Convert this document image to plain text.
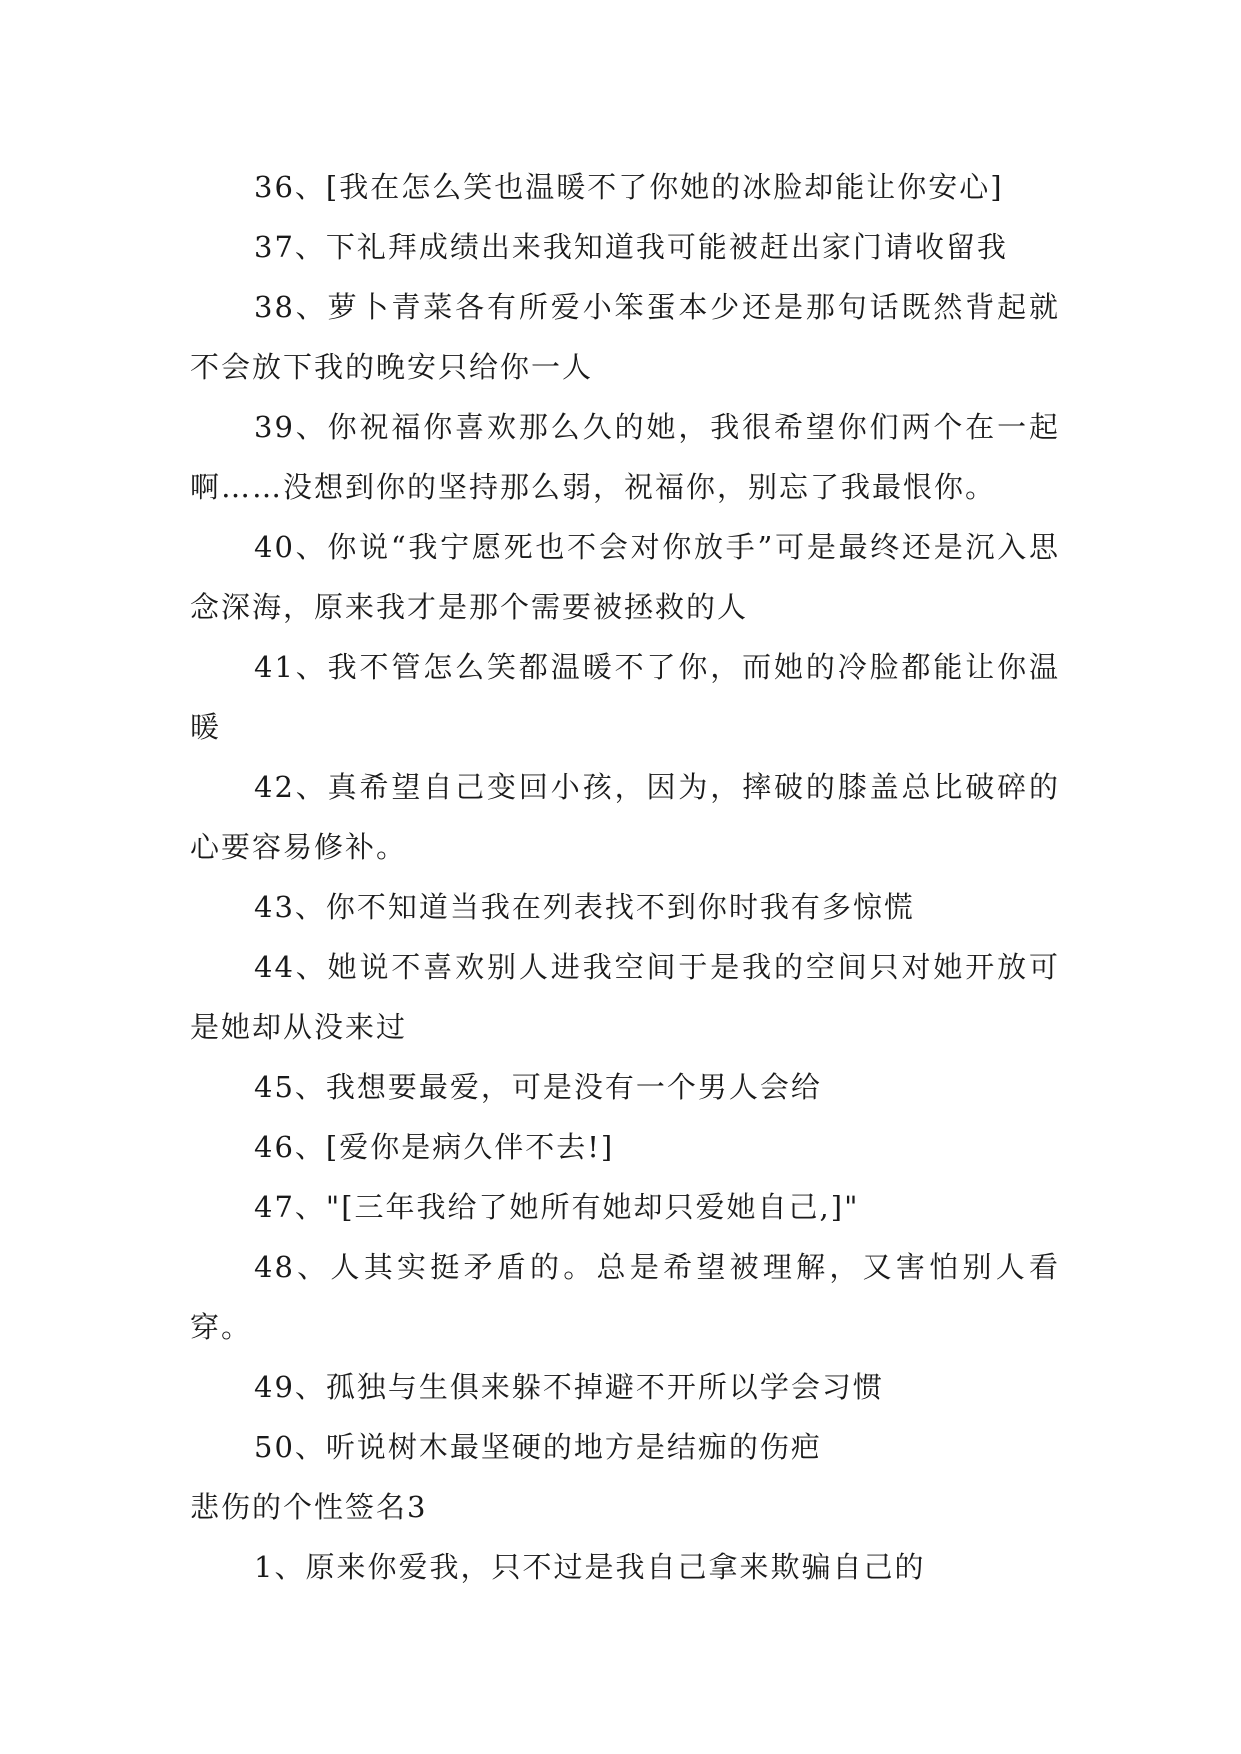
36、[我在怎么笑也温暖不了你她的冰脸却能让你安心]

37、下礼拜成绩出来我知道我可能被赶出家门请收留我

38、萝卜青菜各有所爱小笨蛋本少还是那句话既然背起就不会放下我的晚安只给你一人

39、你祝福你喜欢那么久的她，我很希望你们两个在一起啊……没想到你的坚持那么弱，祝福你，别忘了我最恨你。

40、你说“我宁愿死也不会对你放手”可是最终还是沉入思念深海，原来我才是那个需要被拯救的人

41、我不管怎么笑都温暖不了你，而她的冷脸都能让你温暖

42、真希望自己变回小孩，因为，摔破的膝盖总比破碎的心要容易修补。

43、你不知道当我在列表找不到你时我有多惊慌

44、她说不喜欢别人进我空间于是我的空间只对她开放可是她却从没来过

45、我想要最爱，可是没有一个男人会给

46、[爱你是病久伴不去!]

47、"[三年我给了她所有她却只爱她自己,]"

48、人其实挺矛盾的。总是希望被理解，又害怕别人看穿。

49、孤独与生俱来躲不掉避不开所以学会习惯

50、听说树木最坚硬的地方是结痂的伤疤

悲伤的个性签名3

1、原来你爱我，只不过是我自己拿来欺骗自己的
